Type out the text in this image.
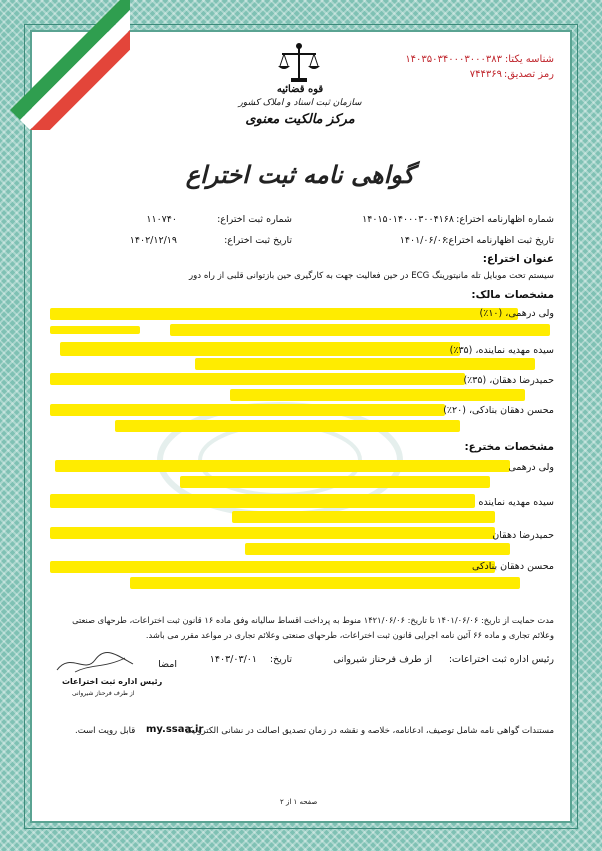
شناسه یکتا:
۱۴۰۳۵۰۳۴۰۰۰۳۰۰۰۳۸۳
رمز تصدیق:
۷۴۴۳۶۹
قوه قضائیه
سازمان ثبت اسناد و املاک کشور
مرکز مالکیت معنوی
گواهی نامه ثبت اختراع
شماره اظهارنامه اختراع:
۱۴۰۱۵۰۱۴۰۰۰۳۰۰۴۱۶۸
شماره ثبت اختراع:
۱۱۰۷۴۰
تاریخ ثبت اظهارنامه اختراع:
۱۴۰۱/۰۶/۰۶
تاریخ ثبت اختراع:
۱۴۰۲/۱۲/۱۹
عنوان اختراع:
سیستم تحت موبایل تله مانیتورینگ ECG در حین فعالیت جهت به کارگیری حین بازتوانی قلبی از راه دور
مشخصات مالک:
ولی درهمی، (۱۰٪)
سیده مهدیه نماینده، (۳۵٪)
حمیدرضا دهقان، (۳۵٪)
محسن دهقان بنادکی، (۲۰٪)
مشخصات مخترع:
ولی درهمی
سیده مهدیه نماینده
حمیدرضا دهقان
محسن دهقان بنادکی
مدت حمایت از تاریخ: ۱۴۰۱/۰۶/۰۶ تا تاریخ: ۱۴۲۱/۰۶/۰۶ منوط به پرداخت اقساط سالیانه وفق ماده ۱۶ قانون ثبت اختراعات، طرحهای صنعتی
وعلائم تجاری و ماده ۶۶ آئین نامه اجرایی قانون ثبت اختراعات، طرحهای صنعتی وعلائم تجاری در مواعد مقرر می باشد.
رئیس اداره ثبت اختراعات:
از طرف فرحناز شیروانی
تاریخ:
۱۴۰۳/۰۳/۰۱
امضا
رئیس اداره ثبت اختراعات
از طرف فرحناز شیروانی
مستندات گواهی نامه شامل توصیف، ادعانامه، خلاصه و نقشه در زمان تصدیق اصالت در نشانی الکترونیک
my.ssaa.ir
قابل رویت است.
صفحه ۱ از ۲
